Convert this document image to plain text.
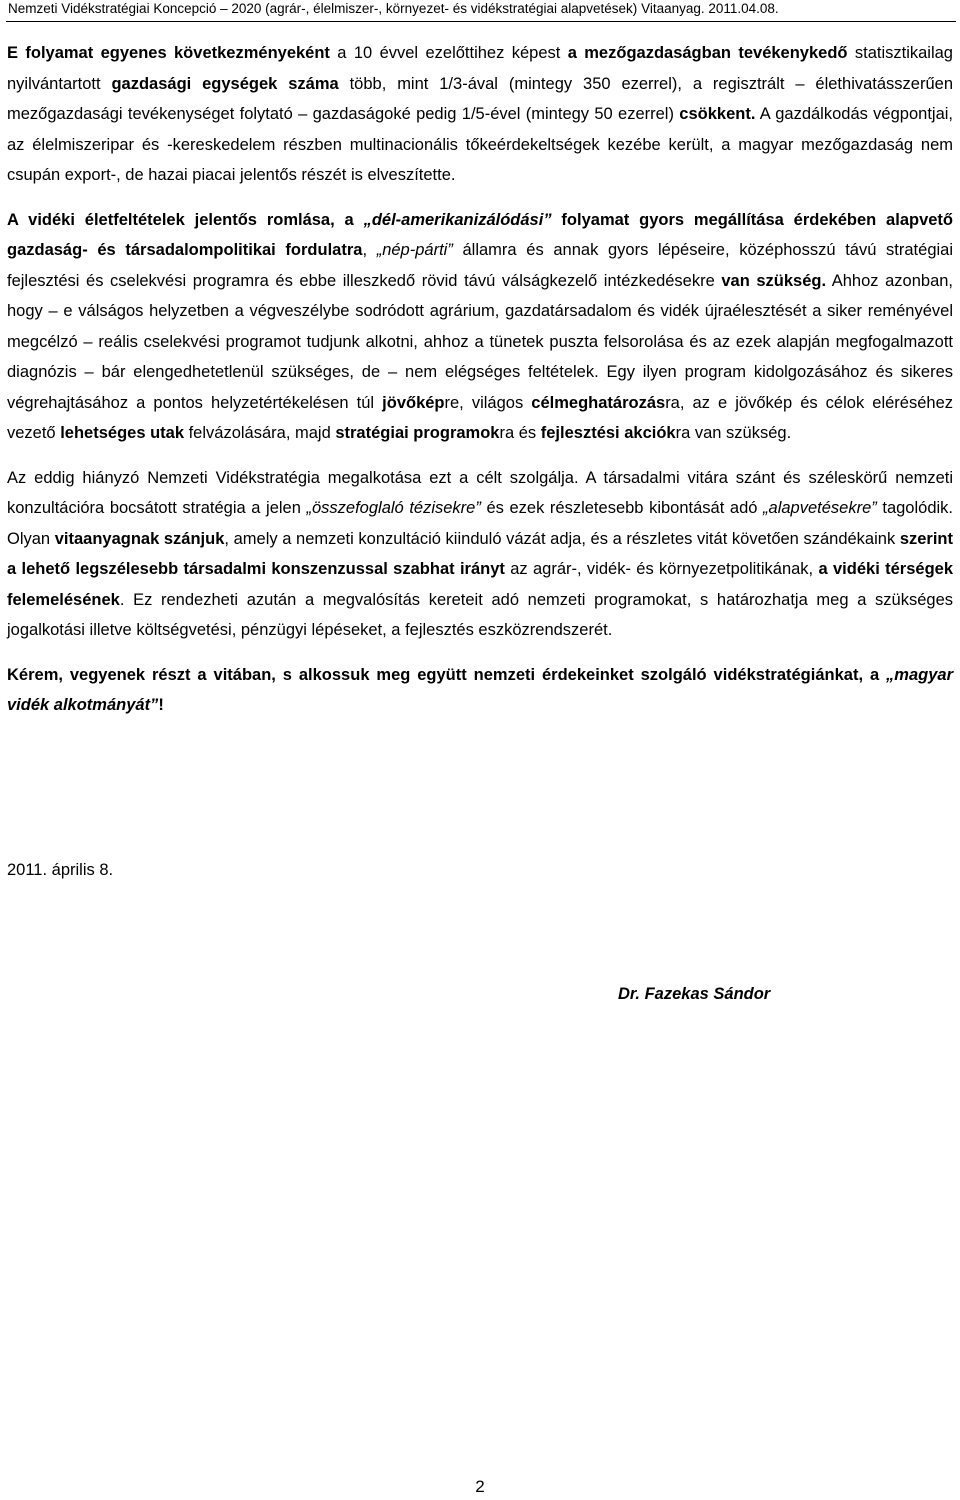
Nemzeti Vidékstratégiai Koncepció – 2020 (agrár-, élelmiszer-, környezet- és vidékstratégiai alapvetések) Vitaanyag. 2011.04.08.

E folyamat egyenes következményeként a 10 évvel ezelőttihez képest a mezőgazdaságban tevékenykedő statisztikailag nyilvántartott gazdasági egységek száma több, mint 1/3-ával (mintegy 350 ezerrel), a regisztrált – élethivatásszerűen mezőgazdasági tevékenységet folytató – gazdaságoké pedig 1/5-ével (mintegy 50 ezerrel) csökkent. A gazdálkodás végpontjai, az élelmiszeripar és -kereskedelem részben multinacionális tőkeérdekeltségek kezébe került, a magyar mezőgazdaság nem csupán export-, de hazai piacai jelentős részét is elveszítette.

A vidéki életfeltételek jelentős romlása, a „dél-amerikanizálódási” folyamat gyors megállítása érdekében alapvető gazdaság- és társadalompolitikai fordulatra, „nép-párti” államra és annak gyors lépéseire, középhosszú távú stratégiai fejlesztési és cselekvési programra és ebbe illeszkedő rövid távú válságkezelő intézkedésekre van szükség. Ahhoz azonban, hogy – e válságos helyzetben a végveszélybe sodródott agrárium, gazdatársadalom és vidék újraélesztését a siker reményével megcélzó – reális cselekvési programot tudjunk alkotni, ahhoz a tünetek puszta felsorolása és az ezek alapján megfogalmazott diagnózis – bár elengedhetetlenül szükséges, de – nem elégséges feltételek. Egy ilyen program kidolgozásához és sikeres végrehajtásához a pontos helyzetértékelésen túl jövőképre, világos célmeghatározásra, az e jövőkép és célok eléréséhez vezető lehetséges utak felvázolására, majd stratégiai programokra és fejlesztési akciókra van szükség.

Az eddig hiányzó Nemzeti Vidékstratégia megalkotása ezt a célt szolgálja. A társadalmi vitára szánt és széleskörű nemzeti konzultációra bocsátott stratégia a jelen „összefoglaló tézisekre” és ezek részletesebb kibontását adó „alapvetésekre” tagolódik. Olyan vitaanyagnak szánjuk, amely a nemzeti konzultáció kiinduló vázát adja, és a részletes vitát követően szándékaink szerint a lehető legszélesebb társadalmi konszenzussal szabhat irányt az agrár-, vidék- és környezetpolitikának, a vidéki térségek felemelésének. Ez rendezheti azután a megvalósítás kereteit adó nemzeti programokat, s határozhatja meg a szükséges jogalkotási illetve költségvetési, pénzügyi lépéseket, a fejlesztés eszközrendszerét.

Kérem, vegyenek részt a vitában, s alkossuk meg együtt nemzeti érdekeinket szolgáló vidékstratégiánkat, a „magyar vidék alkotmányát”!

2011. április 8.
Dr. Fazekas Sándor
2
